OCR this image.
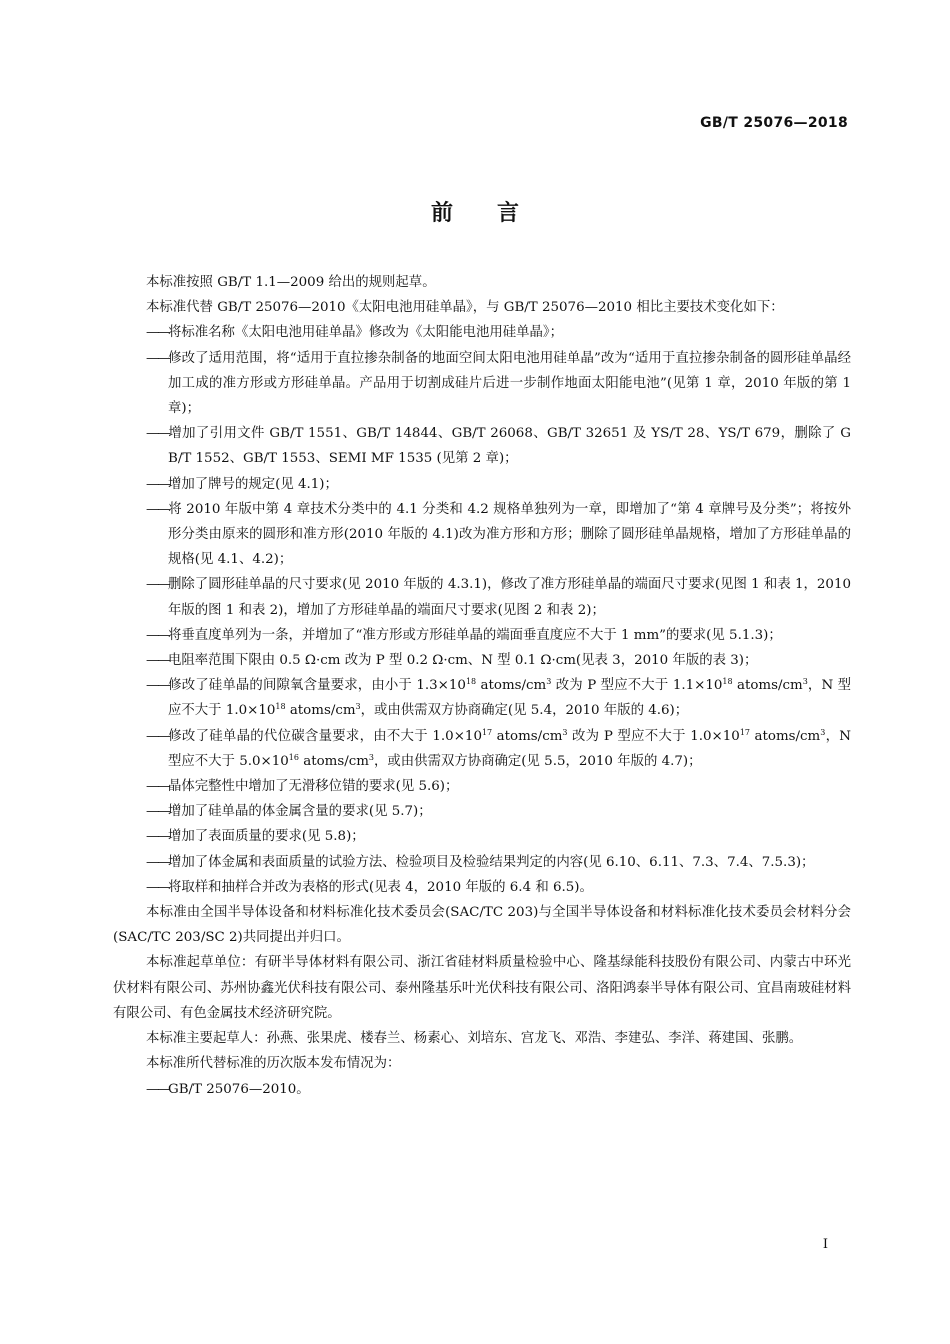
GB/T 25076—2018
前言

本标准按照 GB/T 1.1—2009 给出的规则起草。

本标准代替 GB/T 25076—2010《太阳电池用硅单晶》，与 GB/T 25076—2010 相比主要技术变化如下：

——将标准名称《太阳电池用硅单晶》修改为《太阳能电池用硅单晶》；

——修改了适用范围，将“适用于直拉掺杂制备的地面空间太阳电池用硅单晶”改为“适用于直拉掺杂制备的圆形硅单晶经加工成的准方形或方形硅单晶。产品用于切割成硅片后进一步制作地面太阳能电池”(见第 1 章，2010 年版的第 1 章)；

——增加了引用文件 GB/T 1551、GB/T 14844、GB/T 26068、GB/T 32651 及 YS/T 28、YS/T 679，删除了 GB/T 1552、GB/T 1553、SEMI MF 1535 (见第 2 章)；

——增加了牌号的规定(见 4.1)；

——将 2010 年版中第 4 章技术分类中的 4.1 分类和 4.2 规格单独列为一章，即增加了“第 4 章牌号及分类”；将按外形分类由原来的圆形和准方形(2010 年版的 4.1)改为准方形和方形；删除了圆形硅单晶规格，增加了方形硅单晶的规格(见 4.1、4.2)；

——删除了圆形硅单晶的尺寸要求(见 2010 年版的 4.3.1)，修改了准方形硅单晶的端面尺寸要求(见图 1 和表 1，2010 年版的图 1 和表 2)，增加了方形硅单晶的端面尺寸要求(见图 2 和表 2)；

——将垂直度单列为一条，并增加了“准方形或方形硅单晶的端面垂直度应不大于 1 mm”的要求(见 5.1.3)；

——电阻率范围下限由 0.5 Ω·cm 改为 P 型 0.2 Ω·cm、N 型 0.1 Ω·cm(见表 3，2010 年版的表 3)；

——修改了硅单晶的间隙氧含量要求，由小于 $1.3\times 10^{18}$ atoms/$cm^3$ 改为 P 型应不大于 $1.1\times 10^{18}$ atoms/$cm^3$，N 型应不大于 $1.0\times 10^{18}$ atoms/$cm^3$，或由供需双方协商确定(见 5.4，2010 年版的 4.6)；

——修改了硅单晶的代位碳含量要求，由不大于 $1.0\times 10^{17}$ atoms/$cm^3$ 改为 P 型应不大于 $1.0\times 10^{17}$ atoms/$cm^3$，N 型应不大于 $5.0\times 10^{16}$ atoms/$cm^3$，或由供需双方协商确定(见 5.5，2010 年版的 4.7)；

——晶体完整性中增加了无滑移位错的要求(见 5.6)；

——增加了硅单晶的体金属含量的要求(见 5.7)；

——增加了表面质量的要求(见 5.8)；

——增加了体金属和表面质量的试验方法、检验项目及检验结果判定的内容(见 6.10、6.11、7.3、7.4、7.5.3)；

——将取样和抽样合并改为表格的形式(见表 4，2010 年版的 6.4 和 6.5)。

本标准由全国半导体设备和材料标准化技术委员会(SAC/TC 203)与全国半导体设备和材料标准化技术委员会材料分会(SAC/TC 203/SC 2)共同提出并归口。

本标准起草单位：有研半导体材料有限公司、浙江省硅材料质量检验中心、隆基绿能科技股份有限公司、内蒙古中环光伏材料有限公司、苏州协鑫光伏科技有限公司、泰州隆基乐叶光伏科技有限公司、洛阳鸿泰半导体有限公司、宜昌南玻硅材料有限公司、有色金属技术经济研究院。

本标准主要起草人：孙燕、张果虎、楼春兰、杨素心、刘培东、宫龙飞、邓浩、李建弘、李洋、蒋建国、张鹏。

本标准所代替标准的历次版本发布情况为：

——GB/T 25076—2010。

I
